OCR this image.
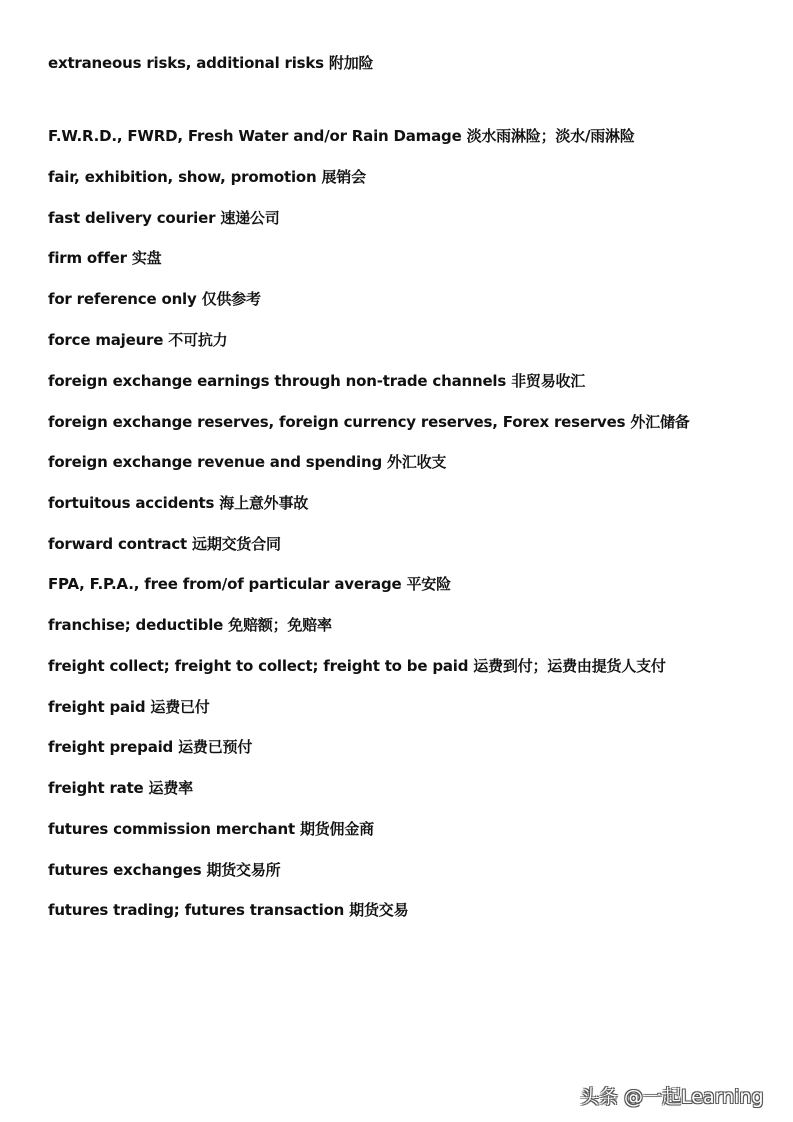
extraneous risks, additional risks 附加险
F.W.R.D., FWRD, Fresh Water and/or Rain Damage 淡水雨淋险；淡水/雨淋险
fair, exhibition, show, promotion 展销会
fast delivery courier 速递公司
firm offer 实盘
for reference only 仅供参考
force majeure 不可抗力
foreign exchange earnings through non-trade channels 非贸易收汇
foreign exchange reserves, foreign currency reserves, Forex reserves 外汇储备
foreign exchange revenue and spending 外汇收支
fortuitous accidents 海上意外事故
forward contract 远期交货合同
FPA, F.P.A., free from/of particular average 平安险
franchise; deductible 免赔额；免赔率
freight collect; freight to collect; freight to be paid 运费到付；运费由提货人支付
freight paid 运费已付
freight prepaid 运费已预付
freight rate 运费率
futures commission merchant 期货佣金商
futures exchanges 期货交易所
futures trading; futures transaction 期货交易
头条 @一起Learning
